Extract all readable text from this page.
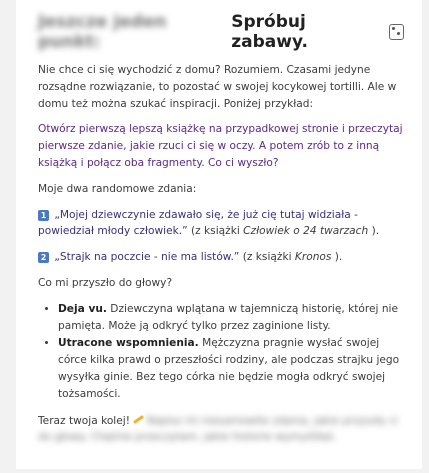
Jeszcze jeden punkt:
Spróbuj zabawy.

Nie chce ci się wychodzić z domu? Rozumiem. Czasami jedyne rozsądne rozwiązanie, to pozostać w swojej kocykowej tortilli. Ale w domu też można szukać inspiracji. Poniżej przykład:

Otwórz pierwszą lepszą książkę na przypadkowej stronie i przeczytaj pierwsze zdanie, jakie rzuci ci się w oczy. A potem zrób to z inną książką i połącz oba fragmenty. Co ci wyszło?

Moje dwa randomowe zdania:

1 „Mojej dziewczynie zdawało się, że już cię tutaj widziała - powiedział młody człowiek.” (z książki Człowiek o 24 twarzach ).

2 „Strajk na poczcie - nie ma listów.” (z książki Kronos ).

Co mi przyszło do głowy?

• Deja vu. Dziewczyna wplątana w tajemniczą historię, której nie pamięta. Może ją odkryć tylko przez zaginione listy.
• Utracone wspomnienia. Mężczyzna pragnie wysłać swojej córce kilka prawd o przeszłości rodziny, ale podczas strajku jego wysyłka ginie. Bez tego córka nie będzie mogła odkryć swojej tożsamości.

Teraz twoja kolej! Napisz mi niesamowite zdania, jakie przyszły ci do głowy. Chętnie przeczytam, jakie historie wymyśliłaś.
